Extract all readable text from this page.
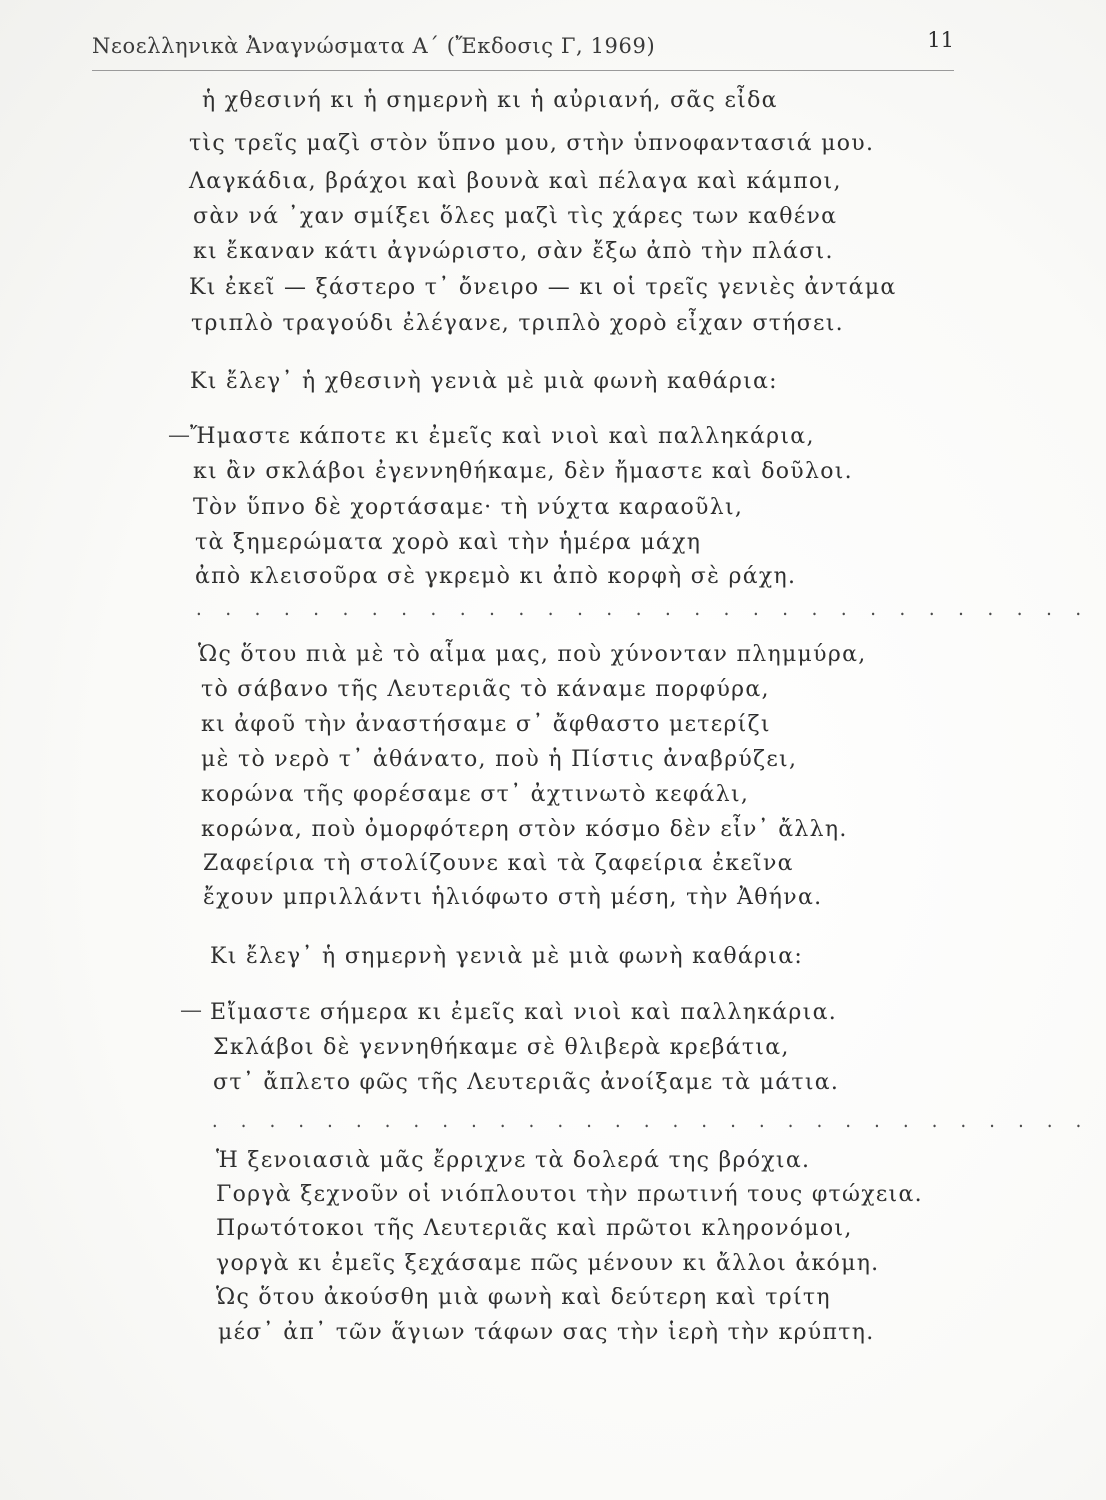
Νεοελληνικὰ Ἀναγνώσματα Α΄ (Ἔκδοσις Γ, 1969)	11
ἡ χθεσινή κι ἡ σημερνὴ κι ἡ αὐριανή, σᾶς εἶδα
τὶς τρεῖς μαζὶ στὸν ὕπνο μου, στὴν ὑπνοφαντασιά μου.
Λαγκάδια, βράχοι καὶ βουνὰ καὶ πέλαγα καὶ κάμποι,
σὰν νά ᾽χαν σμίξει ὅλες μαζὶ τὶς χάρες των καθένα
κι ἔκαναν κάτι ἀγνώριστο, σὰν ἔξω ἀπὸ τὴν πλάσι.
Κι ἐκεῖ — ξάστερο τ᾽ ὄνειρο — κι οἱ τρεῖς γενιὲς ἀντάμα
τριπλὸ τραγούδι ἐλέγανε, τριπλὸ χορὸ εἶχαν στήσει.
Κι ἔλεγ᾽ ἡ χθεσινὴ γενιὰ μὲ μιὰ φωνὴ καθάρια:
— Ἤμαστε κάποτε κι ἐμεῖς καὶ νιοὶ καὶ παλληκάρια,
κι ἂν σκλάβοι ἐγεννηθήκαμε, δὲν ἤμαστε καὶ δοῦλοι.
Τὸν ὕπνο δὲ χορτάσαμε· τὴ νύχτα καραοῦλι,
τὰ ξημερώματα χορὸ καὶ τὴν ἡμέρα μάχη
ἀπὸ κλεισοῦρα σὲ γκρεμὸ κι ἀπὸ κορφὴ σὲ ράχη.
. . . . . . . . . . . . . . . . . . . . . . . . . . . . . . .
Ὡς ὅτου πιὰ μὲ τὸ αἷμα μας, ποὺ χύνονταν πλημμύρα,
τὸ σάβανο τῆς Λευτεριᾶς τὸ κάναμε πορφύρα,
κι ἀφοῦ τὴν ἀναστήσαμε σ᾽ ἄφθαστο μετερίζι
μὲ τὸ νερὸ τ᾽ ἀθάνατο, ποὺ ἡ Πίστις ἀναβρύζει,
κορώνα τῆς φορέσαμε στ᾽ ἀχτινωτὸ κεφάλι,
κορώνα, ποὺ ὀμορφότερη στὸν κόσμο δὲν εἶν᾽ ἄλλη.
Ζαφείρια τὴ στολίζουνε καὶ τὰ ζαφείρια ἐκεῖνα
ἔχουν μπριλλάντι ἡλιόφωτο στὴ μέση, τὴν Ἀθήνα.
Κι ἔλεγ᾽ ἡ σημερνὴ γενιὰ μὲ μιὰ φωνὴ καθάρια:
— Εἴμαστε σήμερα κι ἐμεῖς καὶ νιοὶ καὶ παλληκάρια.
Σκλάβοι δὲ γεννηθήκαμε σὲ θλιβερὰ κρεβάτια,
στ᾽ ἄπλετο φῶς τῆς Λευτεριᾶς ἀνοίξαμε τὰ μάτια.
. . . . . . . . . . . . . . . . . . . . . . . . . . . . . . .
Ἡ ξενοιασιὰ μᾶς ἔρριχνε τὰ δολερά της βρόχια.
Γοργὰ ξεχνοῦν οἱ νιόπλουτοι τὴν πρωτινή τους φτώχεια.
Πρωτότοκοι τῆς Λευτεριᾶς καὶ πρῶτοι κληρονόμοι,
γοργὰ κι ἐμεῖς ξεχάσαμε πῶς μένουν κι ἄλλοι ἀκόμη.
Ὡς ὅτου ἀκούσθη μιὰ φωνὴ καὶ δεύτερη καὶ τρίτη
μέσ᾽ ἀπ᾽ τῶν ἅγιων τάφων σας τὴν ἱερὴ τὴν κρύπτη.
